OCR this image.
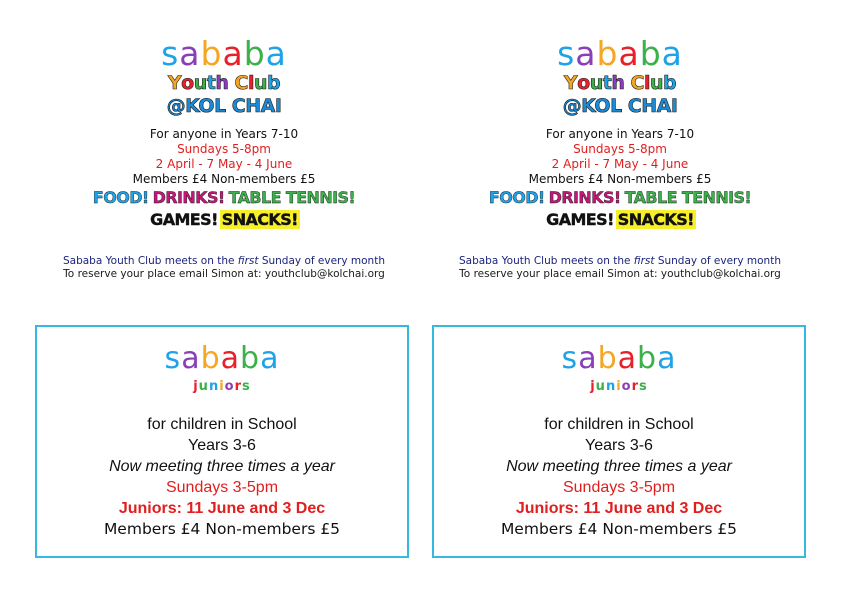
sababa
Youth Club
@KOL CHAI
For anyone in Years 7-10
Sundays 5-8pm
2 April - 7 May - 4 June
Members £4 Non-members £5
FOOD! DRINKS! TABLE TENNIS!
GAMES! SNACKS!
Sababa Youth Club meets on the first Sunday of every month
To reserve your place email Simon at: youthclub@kolchai.org
sababa
Youth Club
@KOL CHAI
For anyone in Years 7-10
Sundays 5-8pm
2 April - 7 May - 4 June
Members £4 Non-members £5
FOOD! DRINKS! TABLE TENNIS!
GAMES! SNACKS!
Sababa Youth Club meets on the first Sunday of every month
To reserve your place email Simon at: youthclub@kolchai.org
sababa
juniors
for children in School
Years 3-6
Now meeting three times a year
Sundays 3-5pm
Juniors: 11 June and 3 Dec
Members £4 Non-members £5
sababa
juniors
for children in School
Years 3-6
Now meeting three times a year
Sundays 3-5pm
Juniors: 11 June and 3 Dec
Members £4 Non-members £5
